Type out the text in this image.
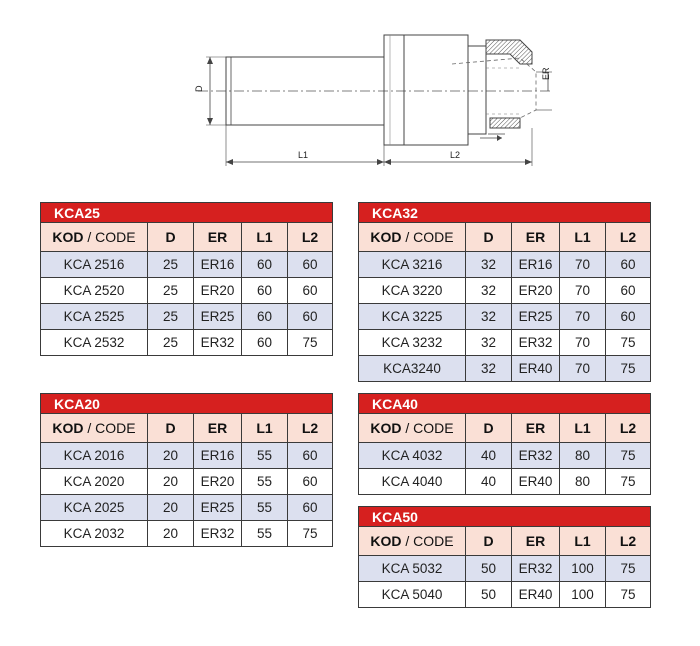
D
ER
L1	L2
KCA25				
KOD / CODE	D	ER	L1	L2
KCA 2516	25	ER16	60	60
KCA 2520	25	ER20	60	60
KCA 2525	25	ER25	60	60
KCA 2532	25	ER32	60	75
KCA20				
KOD / CODE	D	ER	L1	L2
KCA 2016	20	ER16	55	60
KCA 2020	20	ER20	55	60
KCA 2025	20	ER25	55	60
KCA 2032	20	ER32	55	75
KCA32				
KOD / CODE	D	ER	L1	L2
KCA 3216	32	ER16	70	60
KCA 3220	32	ER20	70	60
KCA 3225	32	ER25	70	60
KCA 3232	32	ER32	70	75
KCA3240	32	ER40	70	75
KCA40				
KOD / CODE	D	ER	L1	L2
KCA 4032	40	ER32	80	75
KCA 4040	40	ER40	80	75
KCA50				
KOD / CODE	D	ER	L1	L2
KCA 5032	50	ER32	100	75
KCA 5040	50	ER40	100	75
